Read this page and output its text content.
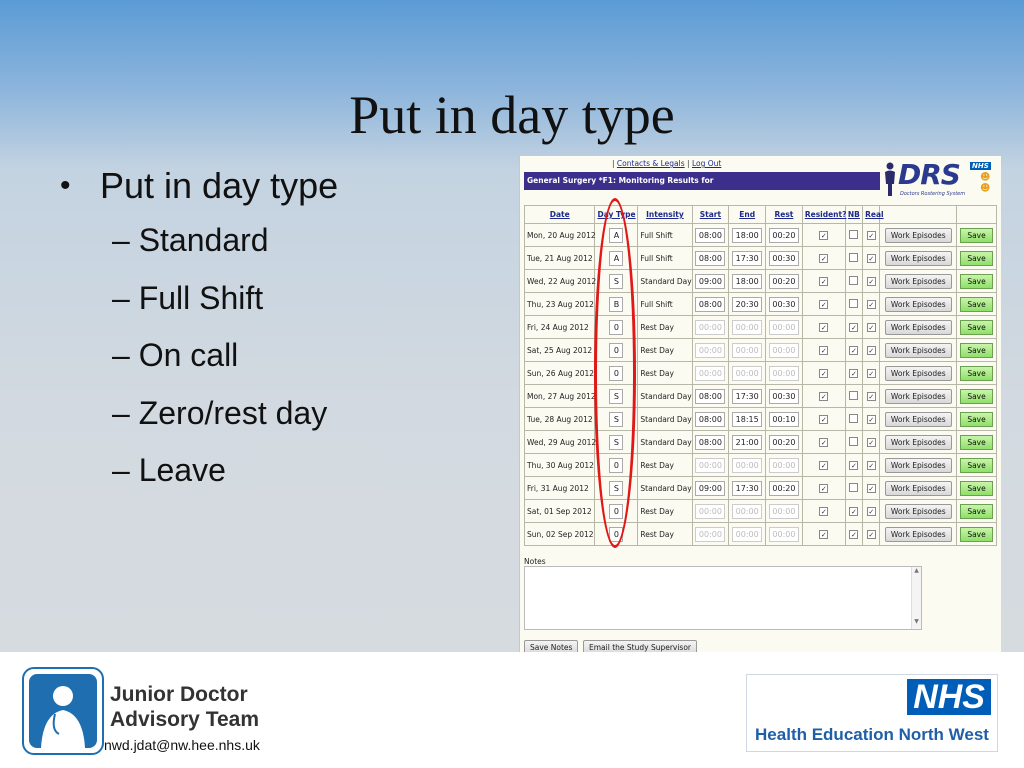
Put in day type
• Put in day type
– Standard
– Full Shift
– On call
– Zero/rest day
– Leave
| Contacts & Legals | Log Out
General Surgery *F1: Monitoring Results for	DRS NHS
☻☻
Doctors Rostering System
Date	Day Type	Intensity	Start	End	Rest	Resident?	NB	Real		
Mon, 20 Aug 2012	A	Full Shift	08:00	18:00	00:20	✓		✓	Work Episodes	Save
Tue, 21 Aug 2012	A	Full Shift	08:00	17:30	00:30	✓		✓	Work Episodes	Save
Wed, 22 Aug 2012	S	Standard Day	09:00	18:00	00:20	✓		✓	Work Episodes	Save
Thu, 23 Aug 2012	B	Full Shift	08:00	20:30	00:30	✓		✓	Work Episodes	Save
Fri, 24 Aug 2012	0	Rest Day	00:00	00:00	00:00	✓	✓	✓	Work Episodes	Save
Sat, 25 Aug 2012	0	Rest Day	00:00	00:00	00:00	✓	✓	✓	Work Episodes	Save
Sun, 26 Aug 2012	0	Rest Day	00:00	00:00	00:00	✓	✓	✓	Work Episodes	Save
Mon, 27 Aug 2012	S	Standard Day	08:00	17:30	00:30	✓		✓	Work Episodes	Save
Tue, 28 Aug 2012	S	Standard Day	08:00	18:15	00:10	✓		✓	Work Episodes	Save
Wed, 29 Aug 2012	S	Standard Day	08:00	21:00	00:20	✓		✓	Work Episodes	Save
Thu, 30 Aug 2012	0	Rest Day	00:00	00:00	00:00	✓	✓	✓	Work Episodes	Save
Fri, 31 Aug 2012	S	Standard Day	09:00	17:30	00:20	✓		✓	Work Episodes	Save
Sat, 01 Sep 2012	0	Rest Day	00:00	00:00	00:00	✓	✓	✓	Work Episodes	Save
Sun, 02 Sep 2012	0	Rest Day	00:00	00:00	00:00	✓	✓	✓	Work Episodes	Save
Notes
▲
▼
Save Notes Email the Study Supervisor
Junior Doctor
Advisory Team
nwd.jdat@nw.hee.nhs.uk
NHS
Health Education North West
